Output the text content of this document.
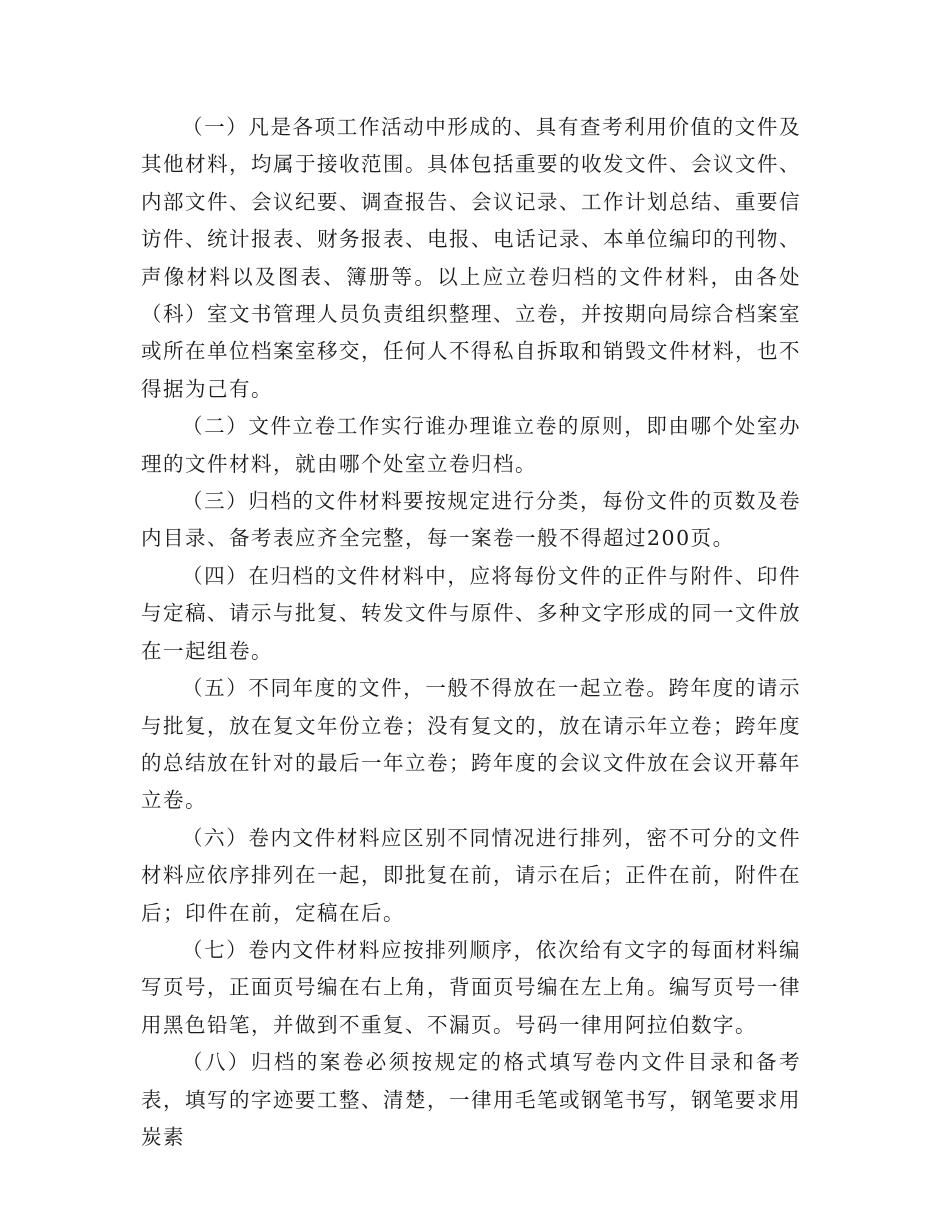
（一）凡是各项工作活动中形成的、具有查考利用价值的文件及其他材料，均属于接收范围。具体包括重要的收发文件、会议文件、内部文件、会议纪要、调查报告、会议记录、工作计划总结、重要信访件、统计报表、财务报表、电报、电话记录、本单位编印的刊物、声像材料以及图表、簿册等。以上应立卷归档的文件材料，由各处（科）室文书管理人员负责组织整理、立卷，并按期向局综合档案室或所在单位档案室移交，任何人不得私自拆取和销毁文件材料，也不得据为己有。

（二）文件立卷工作实行谁办理谁立卷的原则，即由哪个处室办理的文件材料，就由哪个处室立卷归档。

（三）归档的文件材料要按规定进行分类，每份文件的页数及卷内目录、备考表应齐全完整，每一案卷一般不得超过200页。

（四）在归档的文件材料中，应将每份文件的正件与附件、印件与定稿、请示与批复、转发文件与原件、多种文字形成的同一文件放在一起组卷。

（五）不同年度的文件，一般不得放在一起立卷。跨年度的请示与批复，放在复文年份立卷；没有复文的，放在请示年立卷；跨年度的总结放在针对的最后一年立卷；跨年度的会议文件放在会议开幕年立卷。

（六）卷内文件材料应区别不同情况进行排列，密不可分的文件材料应依序排列在一起，即批复在前，请示在后；正件在前，附件在后；印件在前，定稿在后。

（七）卷内文件材料应按排列顺序，依次给有文字的每面材料编写页号，正面页号编在右上角，背面页号编在左上角。编写页号一律用黑色铅笔，并做到不重复、不漏页。号码一律用阿拉伯数字。

（八）归档的案卷必须按规定的格式填写卷内文件目录和备考表，填写的字迹要工整、清楚，一律用毛笔或钢笔书写，钢笔要求用炭素
